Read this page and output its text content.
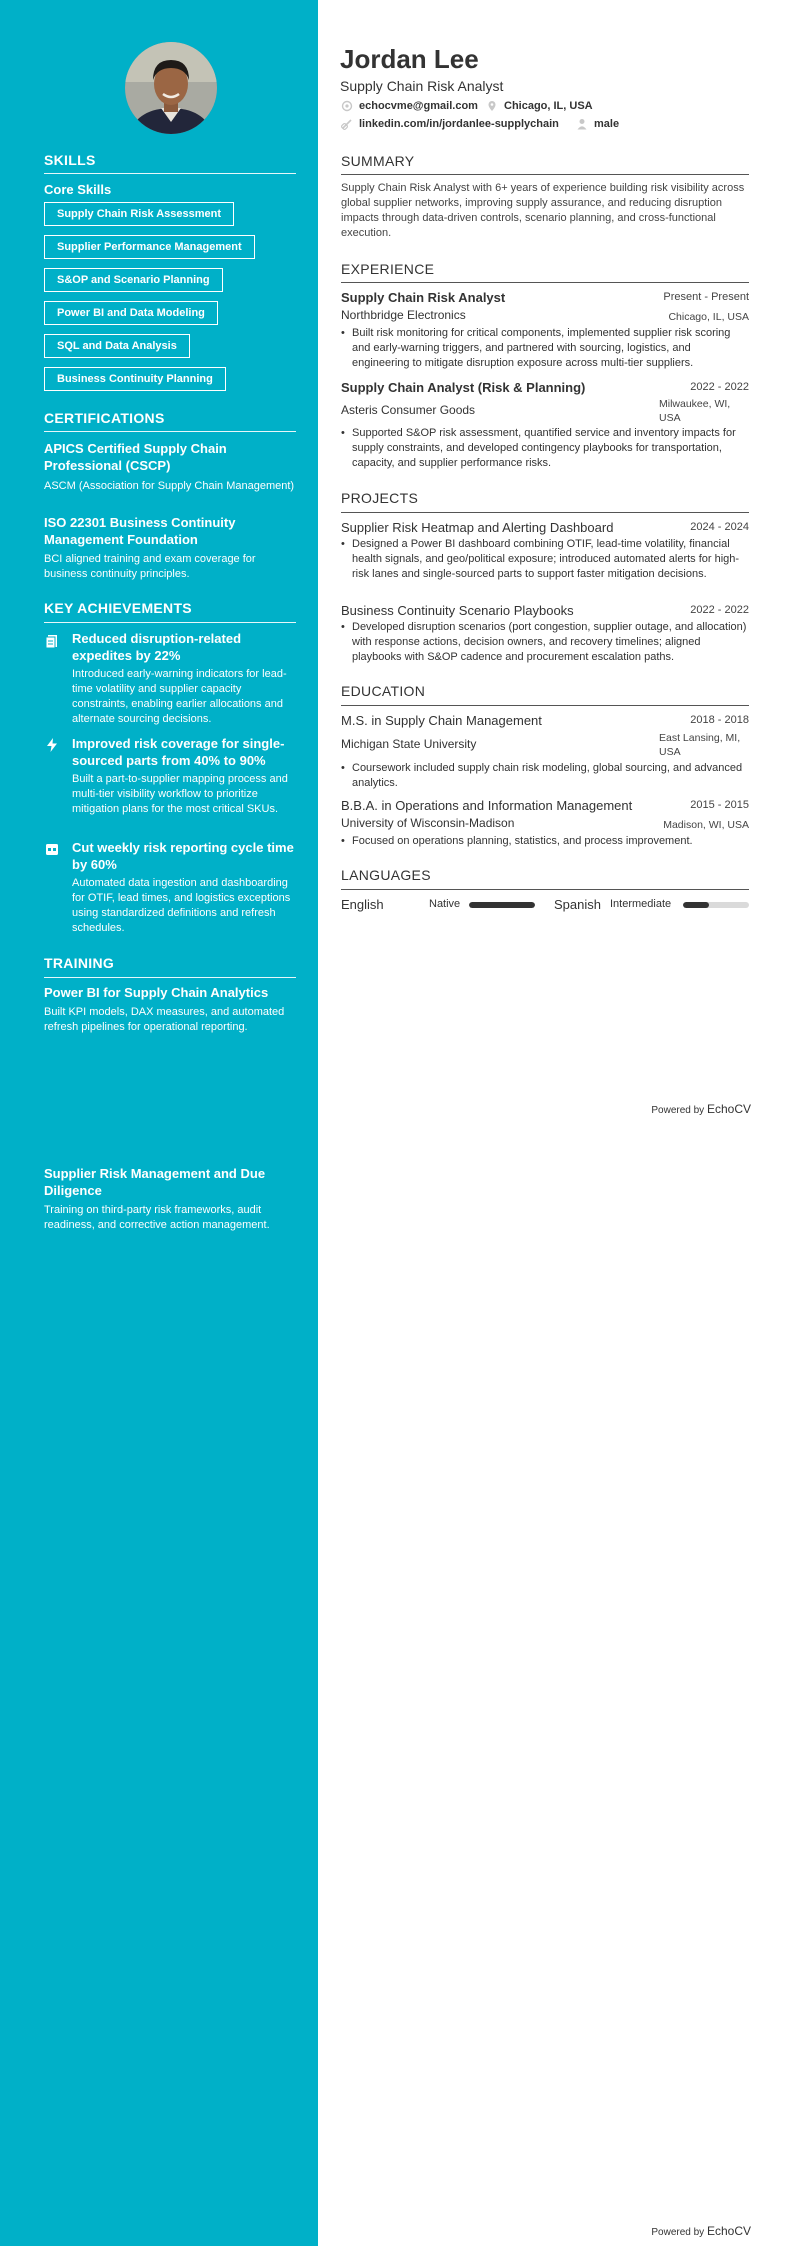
SKILLS
Core Skills
Supply Chain Risk Assessment
Supplier Performance Management
S&OP and Scenario Planning
Power BI and Data Modeling
SQL and Data Analysis
Business Continuity Planning
CERTIFICATIONS
APICS Certified Supply Chain Professional (CSCP)
ASCM (Association for Supply Chain Management)
ISO 22301 Business Continuity Management Foundation
BCI aligned training and exam coverage for business continuity principles.
KEY ACHIEVEMENTS
Reduced disruption-related expedites by 22%
Introduced early-warning indicators for lead-time volatility and supplier capacity constraints, enabling earlier allocations and alternate sourcing decisions.
Improved risk coverage for single-sourced parts from 40% to 90%
Built a part-to-supplier mapping process and multi-tier visibility workflow to prioritize mitigation plans for the most critical SKUs.
Cut weekly risk reporting cycle time by 60%
Automated data ingestion and dashboarding for OTIF, lead times, and logistics exceptions using standardized definitions and refresh schedules.
TRAINING
Power BI for Supply Chain Analytics
Built KPI models, DAX measures, and automated refresh pipelines for operational reporting.
Supplier Risk Management and Due Diligence
Training on third-party risk frameworks, audit readiness, and corrective action management.
Jordan Lee
Supply Chain Risk Analyst
echocvme@gmail.com Chicago, IL, USA
linkedin.com/in/jordanlee-supplychain	male
SUMMARY
Supply Chain Risk Analyst with 6+ years of experience building risk visibility across global supplier networks, improving supply assurance, and reducing disruption impacts through data-driven controls, scenario planning, and cross-functional execution.
EXPERIENCE
Supply Chain Risk Analyst	Present - Present
Northbridge Electronics	Chicago, IL, USA
• Built risk monitoring for critical components, implemented supplier risk scoring and early-warning triggers, and partnered with sourcing, logistics, and engineering to mitigate disruption exposure across multi-tier suppliers.
Supply Chain Analyst (Risk & Planning)	2022 - 2022
Asteris Consumer Goods	Milwaukee, WI, USA
• Supported S&OP risk assessment, quantified service and inventory impacts for supply constraints, and developed contingency playbooks for transportation, capacity, and supplier performance risks.
PROJECTS
Supplier Risk Heatmap and Alerting Dashboard	2024 - 2024
• Designed a Power BI dashboard combining OTIF, lead-time volatility, financial health signals, and geo/political exposure; introduced automated alerts for high-risk lanes and single-sourced parts to support faster mitigation decisions.
Business Continuity Scenario Playbooks	2022 - 2022
• Developed disruption scenarios (port congestion, supplier outage, and allocation) with response actions, decision owners, and recovery timelines; aligned playbooks with S&OP cadence and procurement escalation paths.
EDUCATION
M.S. in Supply Chain Management	2018 - 2018
Michigan State University	East Lansing, MI, USA
• Coursework included supply chain risk modeling, global sourcing, and advanced analytics.
B.B.A. in Operations and Information Management	2015 - 2015
University of Wisconsin-Madison	Madison, WI, USA
• Focused on operations planning, statistics, and process improvement.
LANGUAGES
English	Native	Spanish Intermediate
Powered by EchoCV
Powered by EchoCV
